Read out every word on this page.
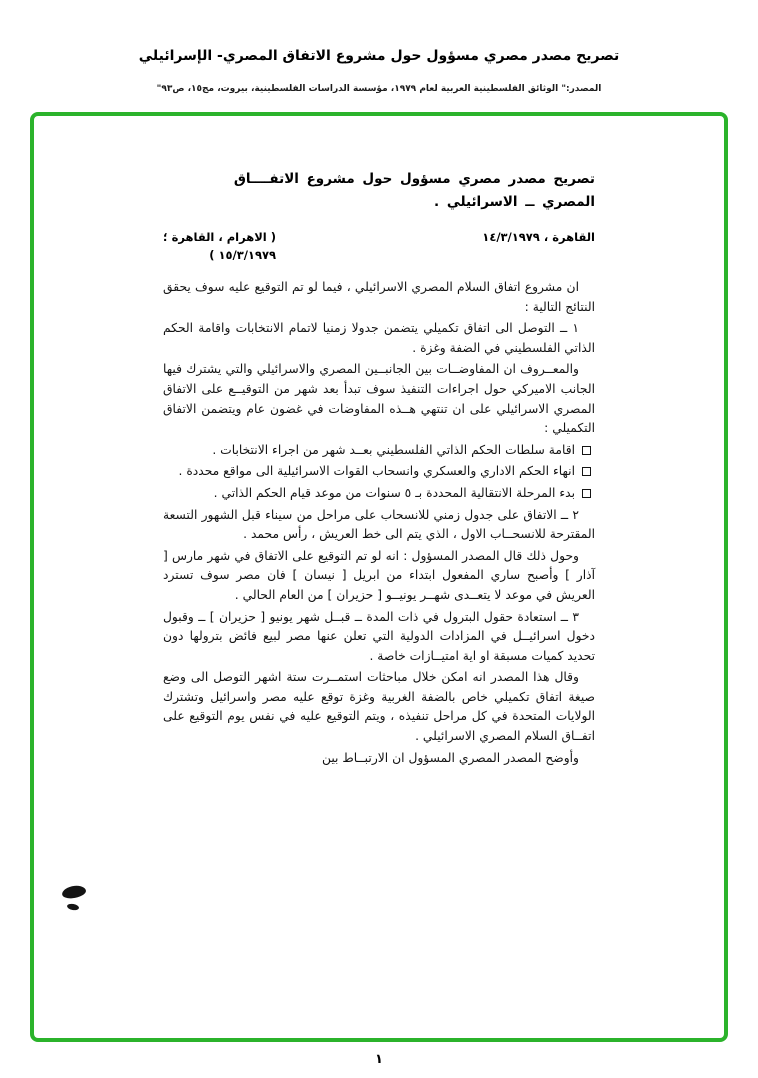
تصريح مصدر مصري مسؤول حول مشروع الاتفاق المصري- الإسرائيلي
المصدر:" الوثائق الفلسطينية العربية لعام ١٩٧٩، مؤسسة الدراسات الفلسطينية، بيروت، مج١٥، ص٩٣"
تصريح مصدر مصري مسؤول حول مشروع الاتفــــاق
المصري ــ الاسرائيلي .
القاهرة ، ١٤/٣/١٩٧٩
( الاهرام ، القاهرة ؛
١٥/٣/١٩٧٩ )

ان مشروع اتفاق السلام المصري الاسرائيلي ، فيما لو تم التوقيع عليه سوف يحقق النتائج التالية :

١ ــ التوصل الى اتفاق تكميلي يتضمن جدولا زمنيا لاتمام الانتخابات واقامة الحكم الذاتي الفلسطيني في الضفة وغزة .

والمعــروف ان المفاوضــات بين الجانبــين المصري والاسرائيلي والتي يشترك فيها الجانب الاميركي حول اجراءات التنفيذ سوف تبدأ بعد شهر من التوقيــع على الاتفاق المصري الاسرائيلي على ان تنتهي هــذه المفاوضات في غضون عام ويتضمن الاتفاق التكميلي :

اقامة سلطات الحكم الذاتي الفلسطيني بعــد شهر من اجراء الانتخابات .

انهاء الحكم الاداري والعسكري وانسحاب القوات الاسرائيلية الى مواقع محددة .

بدء المرحلة الانتقالية المحددة بـ ٥ سنوات من موعد قيام الحكم الذاتي .

٢ ــ الاتفاق على جدول زمني للانسحاب على مراحل من سيناء قبل الشهور التسعة المقترحة للانسحــاب الاول ، الذي يتم الى خط العريش ، رأس محمد .

وحول ذلك قال المصدر المسؤول : انه لو تم التوقيع على الاتفاق في شهر مارس [ آذار ] وأصبح ساري المفعول ابتداء من ابريل [ نيسان ] فان مصر سوف تسترد العريش في موعد لا يتعــدى شهــر يونيــو [ حزيران ] من العام الحالي .

٣ ــ استعادة حقول البترول في ذات المدة ــ قبــل شهر يونيو [ حزيران ] ــ وقبول دخول اسرائيــل في المزادات الدولية التي تعلن عنها مصر لبيع فائض بترولها دون تحديد كميات مسبقة او اية امتيــازات خاصة .

وقال هذا المصدر انه امكن خلال مباحثات استمــرت ستة اشهر التوصل الى وضع صيغة اتفاق تكميلي خاص بالضفة الغربية وغزة توقع عليه مصر واسرائيل وتشترك الولايات المتحدة في كل مراحل تنفيذه ، ويتم التوقيع عليه في نفس يوم التوقيع على اتفــاق السلام المصري الاسرائيلي .

وأوضح المصدر المصري المسؤول ان الارتبــاط بين

١
